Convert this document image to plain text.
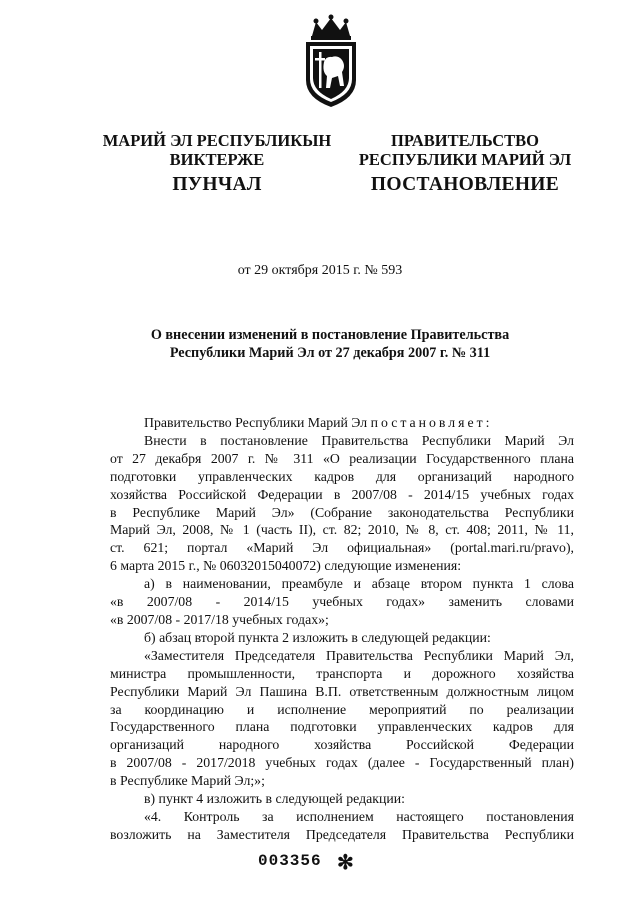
МАРИЙ ЭЛ РЕСПУБЛИКЫН
ВИКТЕРЖЕ
ПРАВИТЕЛЬСТВО
РЕСПУБЛИКИ МАРИЙ ЭЛ
ПУНЧАЛ	ПОСТАНОВЛЕНИЕ
от 29 октября 2015 г. № 593
О внесении изменений в постановление Правительства
Республики Марий Эл от 27 декабря 2007 г. № 311

Правительство Республики Марий Эл постановляет:

Внести в постановление Правительства Республики Марий Эл

от 27 декабря 2007 г. № 311 «О реализации Государственного плана

подготовки управленческих кадров для организаций народного

хозяйства Российской Федерации в 2007/08 - 2014/15 учебных годах

в Республике Марий Эл» (Собрание законодательства Республики

Марий Эл, 2008, № 1 (часть II), ст. 82; 2010, № 8, ст. 408; 2011, № 11,

ст. 621; портал «Марий Эл официальная» (portal.mari.ru/pravo),

6 марта 2015 г., № 06032015040072) следующие изменения:

а) в наименовании, преамбуле и абзаце втором пункта 1 слова

«в 2007/08 - 2014/15 учебных годах» заменить словами

«в 2007/08 - 2017/18 учебных годах»;

б) абзац второй пункта 2 изложить в следующей редакции:

«Заместителя Председателя Правительства Республики Марий Эл,

министра промышленности, транспорта и дорожного хозяйства

Республики Марий Эл Пашина В.П. ответственным должностным лицом

за координацию и исполнение мероприятий по реализации

Государственного плана подготовки управленческих кадров для

организаций народного хозяйства Российской Федерации

в 2007/08 - 2017/2018 учебных годах (далее - Государственный план)

в Республике Марий Эл;»;

в) пункт 4 изложить в следующей редакции:

«4. Контроль за исполнением настоящего постановления

возложить на Заместителя Председателя Правительства Республики

003356 ✻
